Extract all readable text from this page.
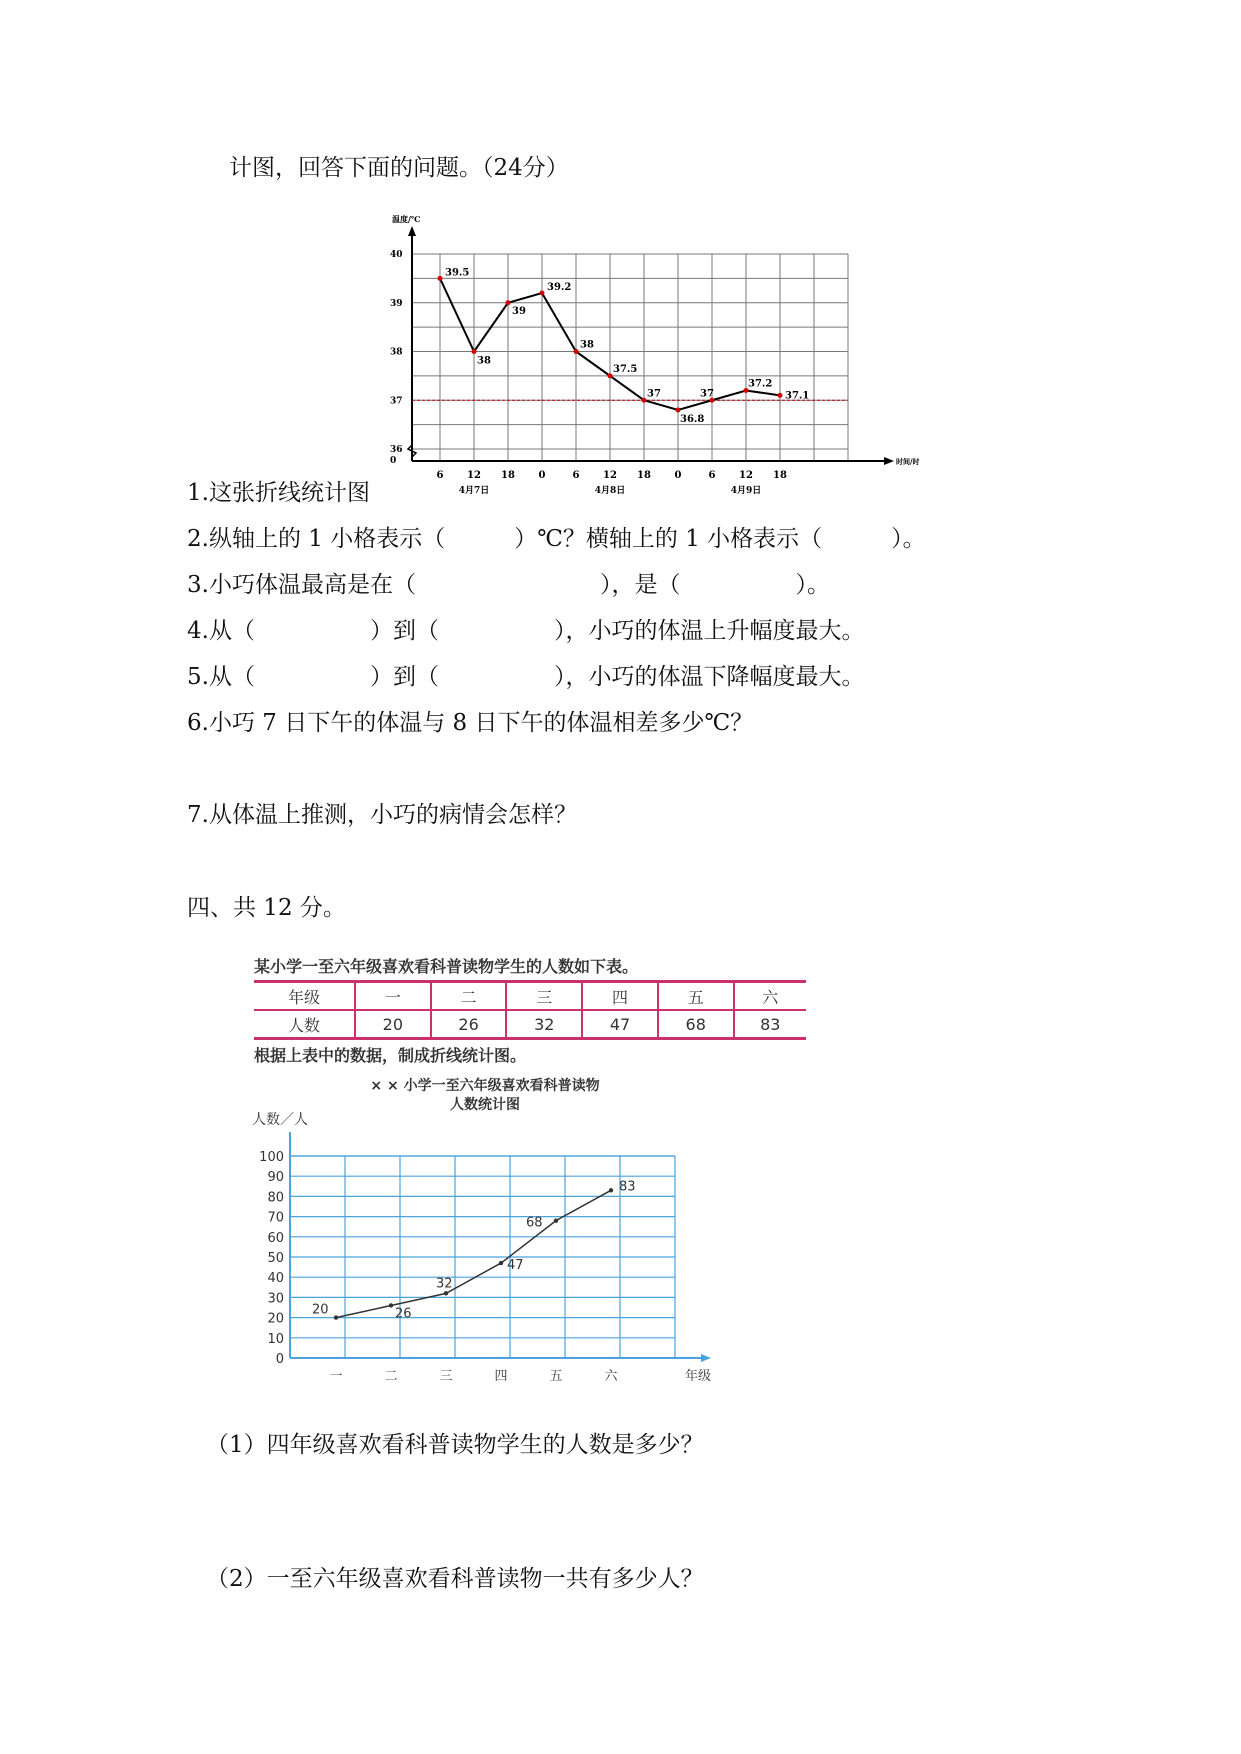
计图，回答下面的问题。（24分）
温度/℃
40
39
38
37
36
0
6 12 18 0	6 12 18 0	6 12 18
4月7日	4月8日	4月9日
时间/时
39.5
38
39
39.2
38
37.5
37
36.8
37
37.2
37.1
1.这张折线统计图
2.纵轴上的 1 小格表示（　　　）℃？横轴上的 1 小格表示（　　　）。
3.小巧体温最高是在（　　　　　　　　），是（　　　　　）。
4.从（　　　　　）到（　　　　　），小巧的体温上升幅度最大。
5.从（　　　　　）到（　　　　　），小巧的体温下降幅度最大。
6.小巧 7 日下午的体温与 8 日下午的体温相差多少℃？
7.从体温上推测，小巧的病情会怎样？
四、共 12 分。
某小学一至六年级喜欢看科普读物学生的人数如下表。
年级	一	二	三	四	五	六
人数	20	26	32	47	68	83
根据上表中的数据，制成折线统计图。
× × 小学一至六年级喜欢看科普读物
人数统计图
人数／人
100
90
80
70
60
50
40
30
20
10
0
一	二	三	四	五	六	年级
20	26
32
47
68
83
（1）四年级喜欢看科普读物学生的人数是多少？
（2）一至六年级喜欢看科普读物一共有多少人？
